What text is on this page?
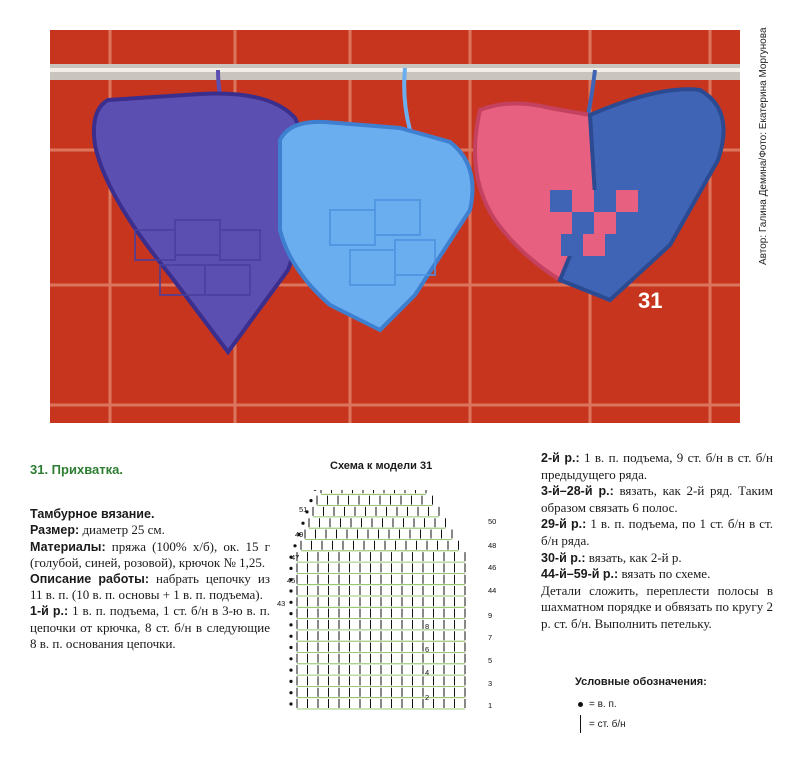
31
Автор: Галина Демина/Фото: Екатерина Моргунова
31. Прихватка.

Тамбурное вязание.

Размер: диаметр 25 см.

Материалы: пряжа (100% х/б), ок. 15 г (голубой, синей, розовой), крючок № 1,25.

Описание работы: набрать цепочку из 11 в. п. (10 в. п. основы + 1 в. п. подъема).

1-й р.: 1 в. п. подъема, 1 ст. б/н в 3-ю в. п. цепочки от крючка, 8 ст. б/н в следующие 8 в. п. основания цепочки.

Схема к модели 31
1
3
5
7
9
44
46
48
50
43
45
47
49
51
2
4
6
8
2-й р.: 1 в. п. подъема, 9 ст. б/н в ст. б/н предыдущего ряда.
3-й–28-й р.: вязать, как 2-й ряд. Таким образом связать 6 полос.
29-й р.: 1 в. п. подъема, по 1 ст. б/н в ст. б/н ряда.
30-й р.: вязать, как 2-й р.
44-й–59-й р.: вязать по схеме.
Детали сложить, переплести полосы в шахматном порядке и обвязать по кругу 2 р. ст. б/н. Выполнить петельку.
Условные обозначения:
= в. п.
= ст. б/н
